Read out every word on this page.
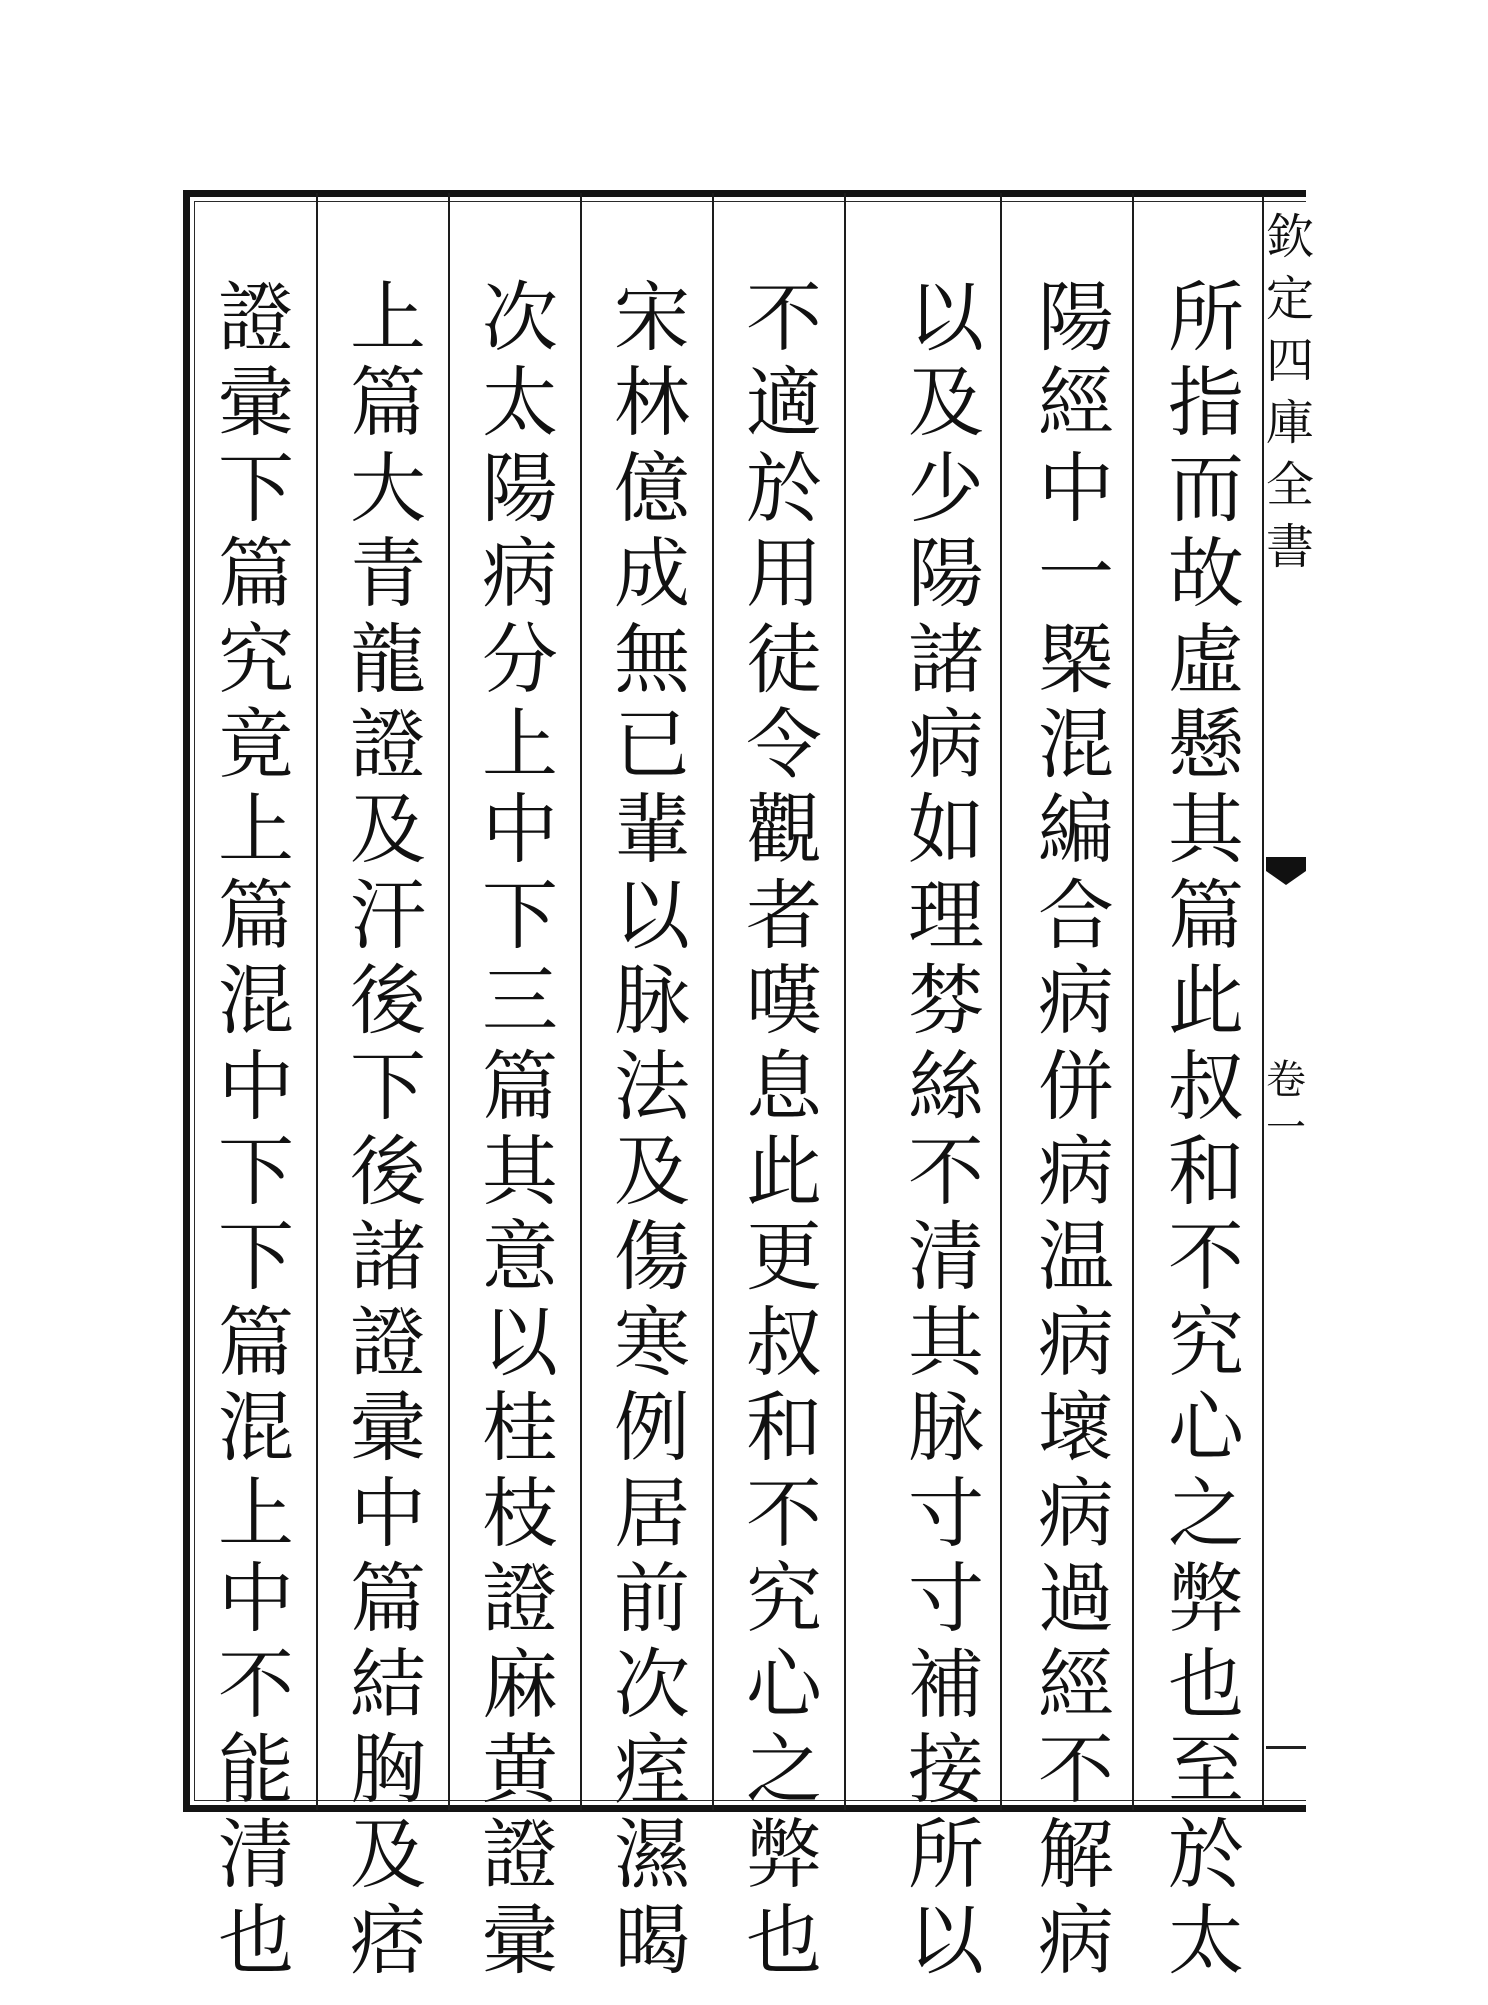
所
指
而
故
虛
懸
其
篇
此
叔
和
不
究
心
之
弊
也
至
於
太
陽
經
中
一
槩
混
編
合
病
併
病
温
病
壞
病
過
經
不
解
病
以
及
少
陽
諸
病
如
理
棼
絲
不
清
其
脉
寸
寸
補
接
所
以
不
適
於
用
徒
令
觀
者
嘆
息
此
更
叔
和
不
究
心
之
弊
也
宋
林
億
成
無
已
輩
以
脉
法
及
傷
寒
例
居
前
次
痓
濕
暍
次
太
陽
病
分
上
中
下
三
篇
其
意
以
桂
枝
證
麻
黄
證
彚
上
篇
大
青
龍
證
及
汗
後
下
後
諸
證
彚
中
篇
結
胸
及
痞
證
彚
下
篇
究
竟
上
篇
混
中
下
下
篇
混
上
中
不
能
清
也
欽
定
四
庫
全
書
卷
一
